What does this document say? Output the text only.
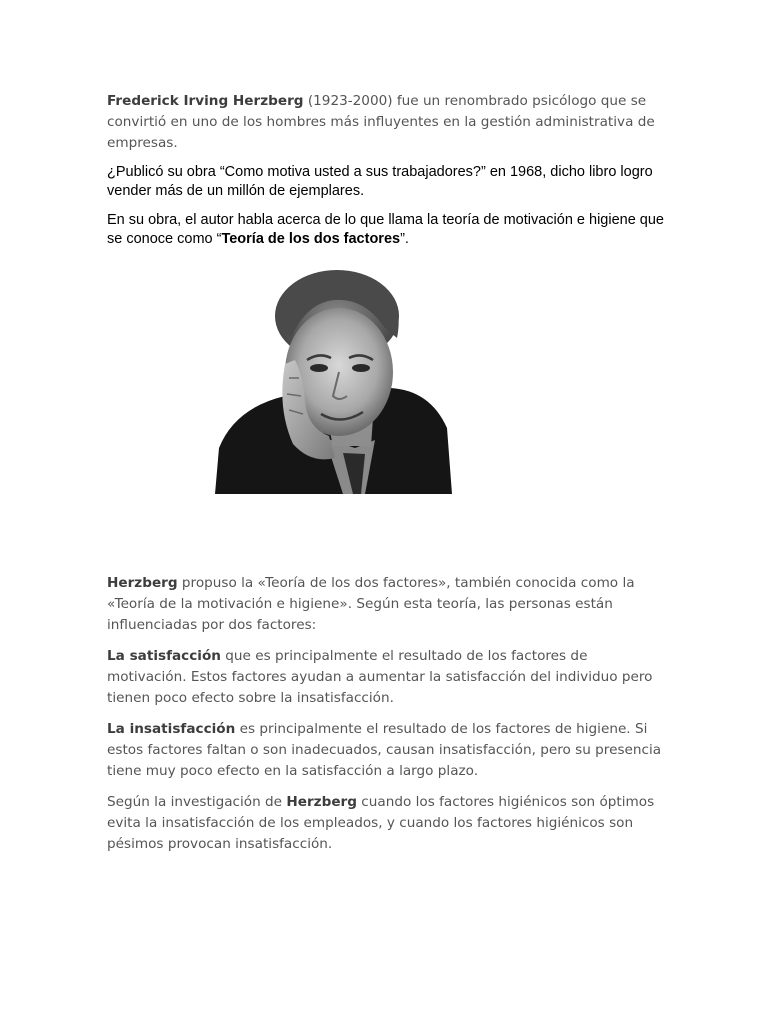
Frederick Irving Herzberg (1923-2000) fue un renombrado psicólogo que se convirtió en uno de los hombres más influyentes en la gestión administrativa de empresas.

¿Publicó su obra “Como motiva usted a sus trabajadores?” en 1968, dicho libro logro vender más de un millón de ejemplares.

En su obra, el autor habla acerca de lo que llama la teoría de motivación e higiene que se conoce como “Teoría de los dos factores”.

Herzberg propuso la «Teoría de los dos factores», también conocida como la «Teoría de la motivación e higiene». Según esta teoría, las personas están influenciadas por dos factores:

La satisfacción que es principalmente el resultado de los factores de motivación. Estos factores ayudan a aumentar la satisfacción del individuo pero tienen poco efecto sobre la insatisfacción.

La insatisfacción es principalmente el resultado de los factores de higiene. Si estos factores faltan o son inadecuados, causan insatisfacción, pero su presencia tiene muy poco efecto en la satisfacción a largo plazo.

Según la investigación de Herzberg cuando los factores higiénicos son óptimos evita la insatisfacción de los empleados, y cuando los factores higiénicos son pésimos provocan insatisfacción.
